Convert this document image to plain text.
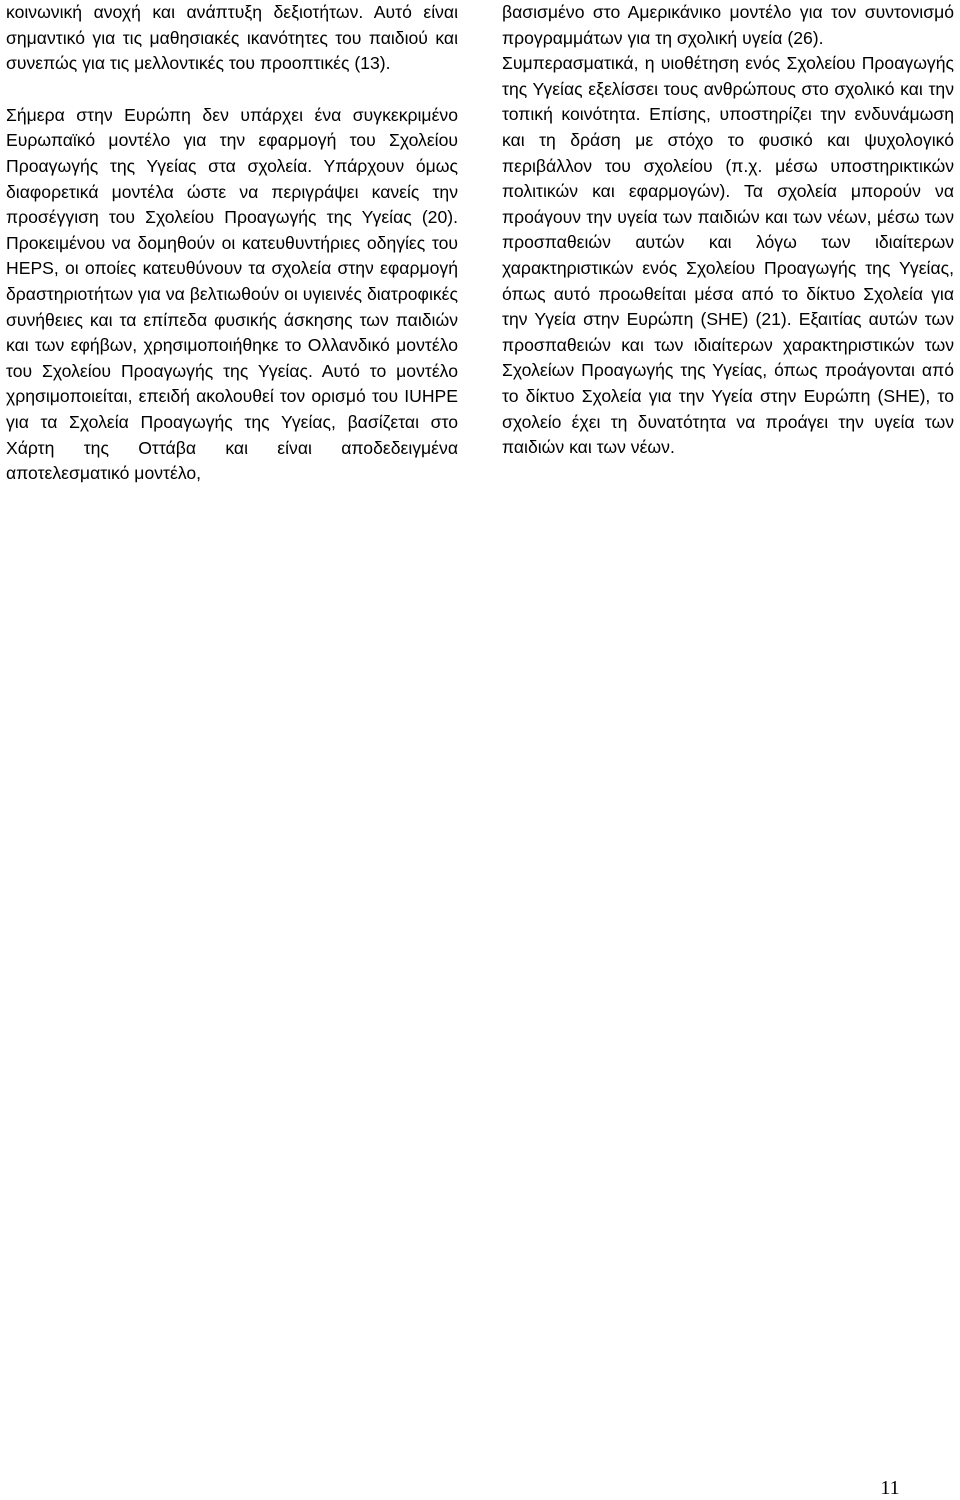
κοινωνική ανοχή και ανάπτυξη δεξιοτήτων. Αυτό είναι σημαντικό για τις μαθησιακές ικανότητες του παιδιού και συνεπώς για τις μελλοντικές του προοπτικές (13).

Σήμερα στην Ευρώπη δεν υπάρχει ένα συγκεκριμένο Ευρωπαϊκό μοντέλο για την εφαρμογή του Σχολείου Προαγωγής της Υγείας στα σχολεία. Υπάρχουν όμως διαφορετικά μοντέλα ώστε να περιγράψει κανείς την προσέγγιση του Σχολείου Προαγωγής της Υγείας (20). Προκειμένου να δομηθούν οι κατευθυντήριες οδηγίες του HEPS, οι οποίες κατευθύνουν τα σχολεία στην εφαρμογή δραστηριοτήτων για να βελτιωθούν οι υγιεινές διατροφικές συνήθειες και τα επίπεδα φυσικής άσκησης των παιδιών και των εφήβων, χρησιμοποιήθηκε το Ολλανδικό μοντέλο του Σχολείου Προαγωγής της Υγείας. Αυτό το μοντέλο χρησιμοποιείται, επειδή ακολουθεί τον ορισμό του IUHPE για τα Σχολεία Προαγωγής της Υγείας, βασίζεται στο Χάρτη της Οττάβα και είναι αποδεδειγμένα αποτελεσματικό μοντέλο,

βασισμένο στο Αμερικάνικο μοντέλο για τον συντονισμό προγραμμάτων για τη σχολική υγεία (26).

Συμπερασματικά, η υιοθέτηση ενός Σχολείου Προαγωγής της Υγείας εξελίσσει τους ανθρώπους στο σχολικό και την τοπική κοινότητα. Επίσης, υποστηρίζει την ενδυνάμωση και τη δράση με στόχο το φυσικό και ψυχολογικό περιβάλλον του σχολείου (π.χ. μέσω υποστηρικτικών πολιτικών και εφαρμογών). Τα σχολεία μπορούν να προάγουν την υγεία των παιδιών και των νέων, μέσω των προσπαθειών αυτών και λόγω των ιδιαίτερων χαρακτηριστικών ενός Σχολείου Προαγωγής της Υγείας, όπως αυτό προωθείται μέσα από το δίκτυο Σχολεία για την Υγεία στην Ευρώπη (SHE) (21). Εξαιτίας αυτών των προσπαθειών και των ιδιαίτερων χαρακτηριστικών των Σχολείων Προαγωγής της Υγείας, όπως προάγονται από το δίκτυο Σχολεία για την Υγεία στην Ευρώπη (SHE), το σχολείο έχει τη δυνατότητα να προάγει την υγεία των παιδιών και των νέων.

11
